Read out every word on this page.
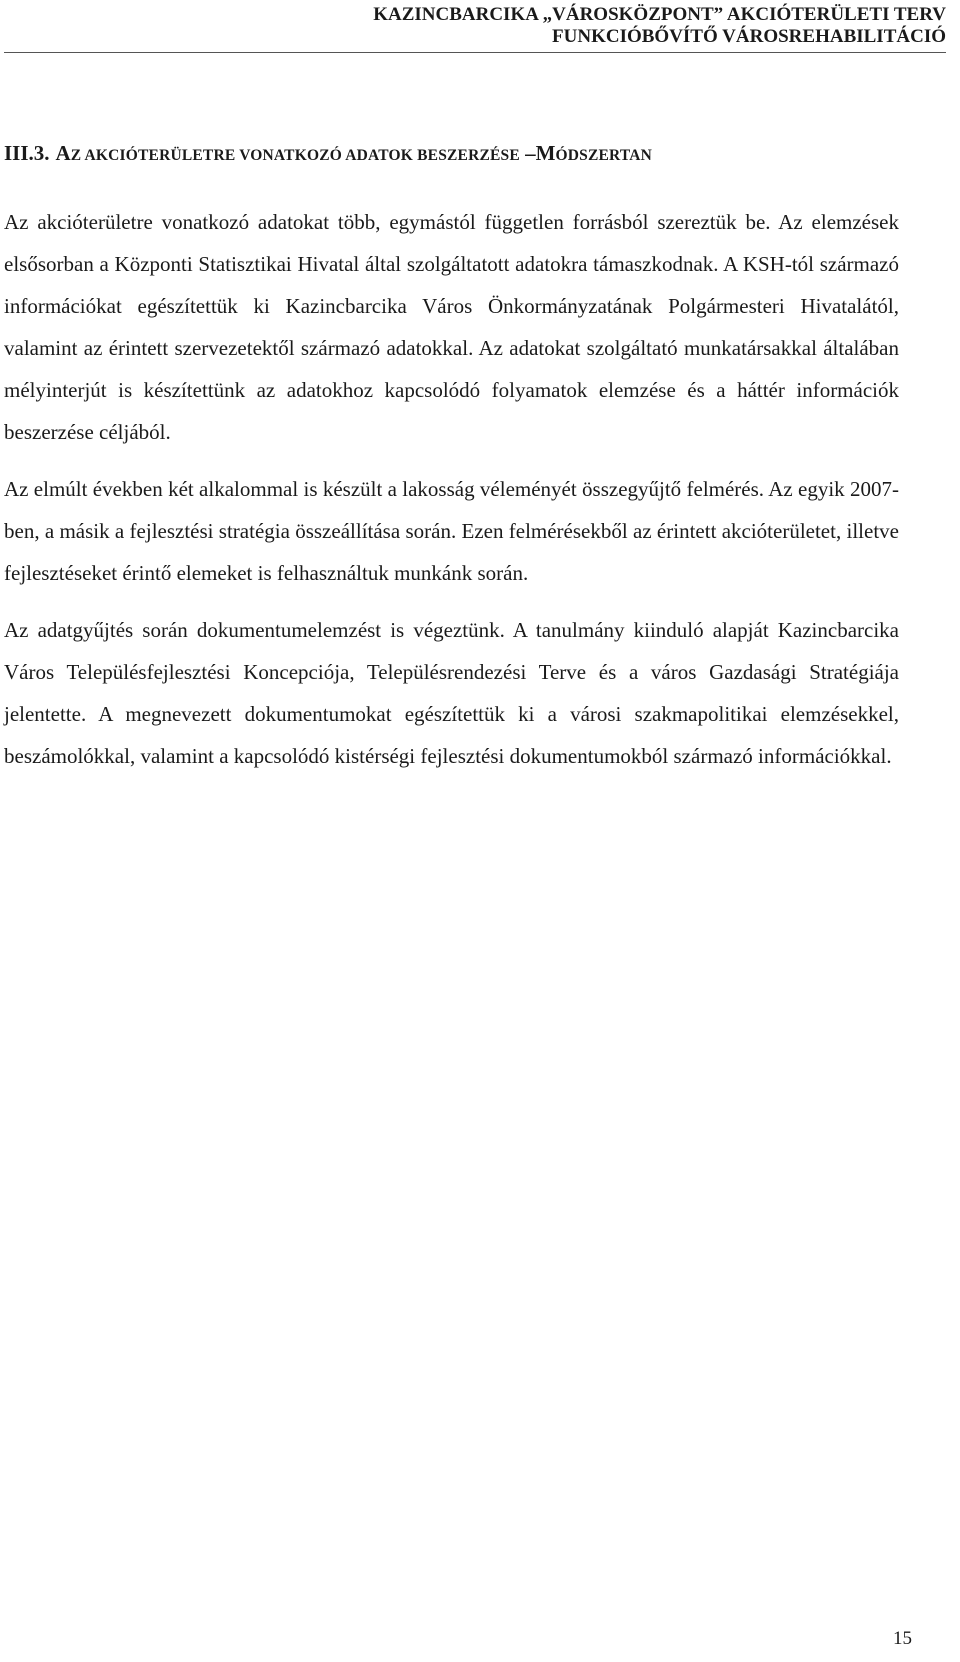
KAZINCBARCIKA „VÁROSKÖZPONT” AKCIÓTERÜLETI TERV
FUNKCIÓBŐVÍTŐ VÁROSREHABILITÁCIÓ
III.3. AZ AKCIÓTERÜLETRE VONATKOZÓ ADATOK BESZERZÉSE –MÓDSZERTAN

Az akcióterületre vonatkozó adatokat több, egymástól független forrásból szereztük be. Az elemzések elsősorban a Központi Statisztikai Hivatal által szolgáltatott adatokra támaszkodnak. A KSH-tól származó információkat egészítettük ki Kazincbarcika Város Önkormányzatának Polgármesteri Hivatalától, valamint az érintett szervezetektől származó adatokkal. Az adatokat szolgáltató munkatársakkal általában mélyinterjút is készítettünk az adatokhoz kapcsolódó folyamatok elemzése és a háttér információk beszerzése céljából.

Az elmúlt években két alkalommal is készült a lakosság véleményét összegyűjtő felmérés. Az egyik 2007-ben, a másik a fejlesztési stratégia összeállítása során. Ezen felmérésekből az érintett akcióterületet, illetve fejlesztéseket érintő elemeket is felhasználtuk munkánk során.

Az adatgyűjtés során dokumentumelemzést is végeztünk. A tanulmány kiinduló alapját Kazincbarcika Város Településfejlesztési Koncepciója, Településrendezési Terve és a város Gazdasági Stratégiája jelentette. A megnevezett dokumentumokat egészítettük ki a városi szakmapolitikai elemzésekkel, beszámolókkal, valamint a kapcsolódó kistérségi fejlesztési dokumentumokból származó információkkal.

15
